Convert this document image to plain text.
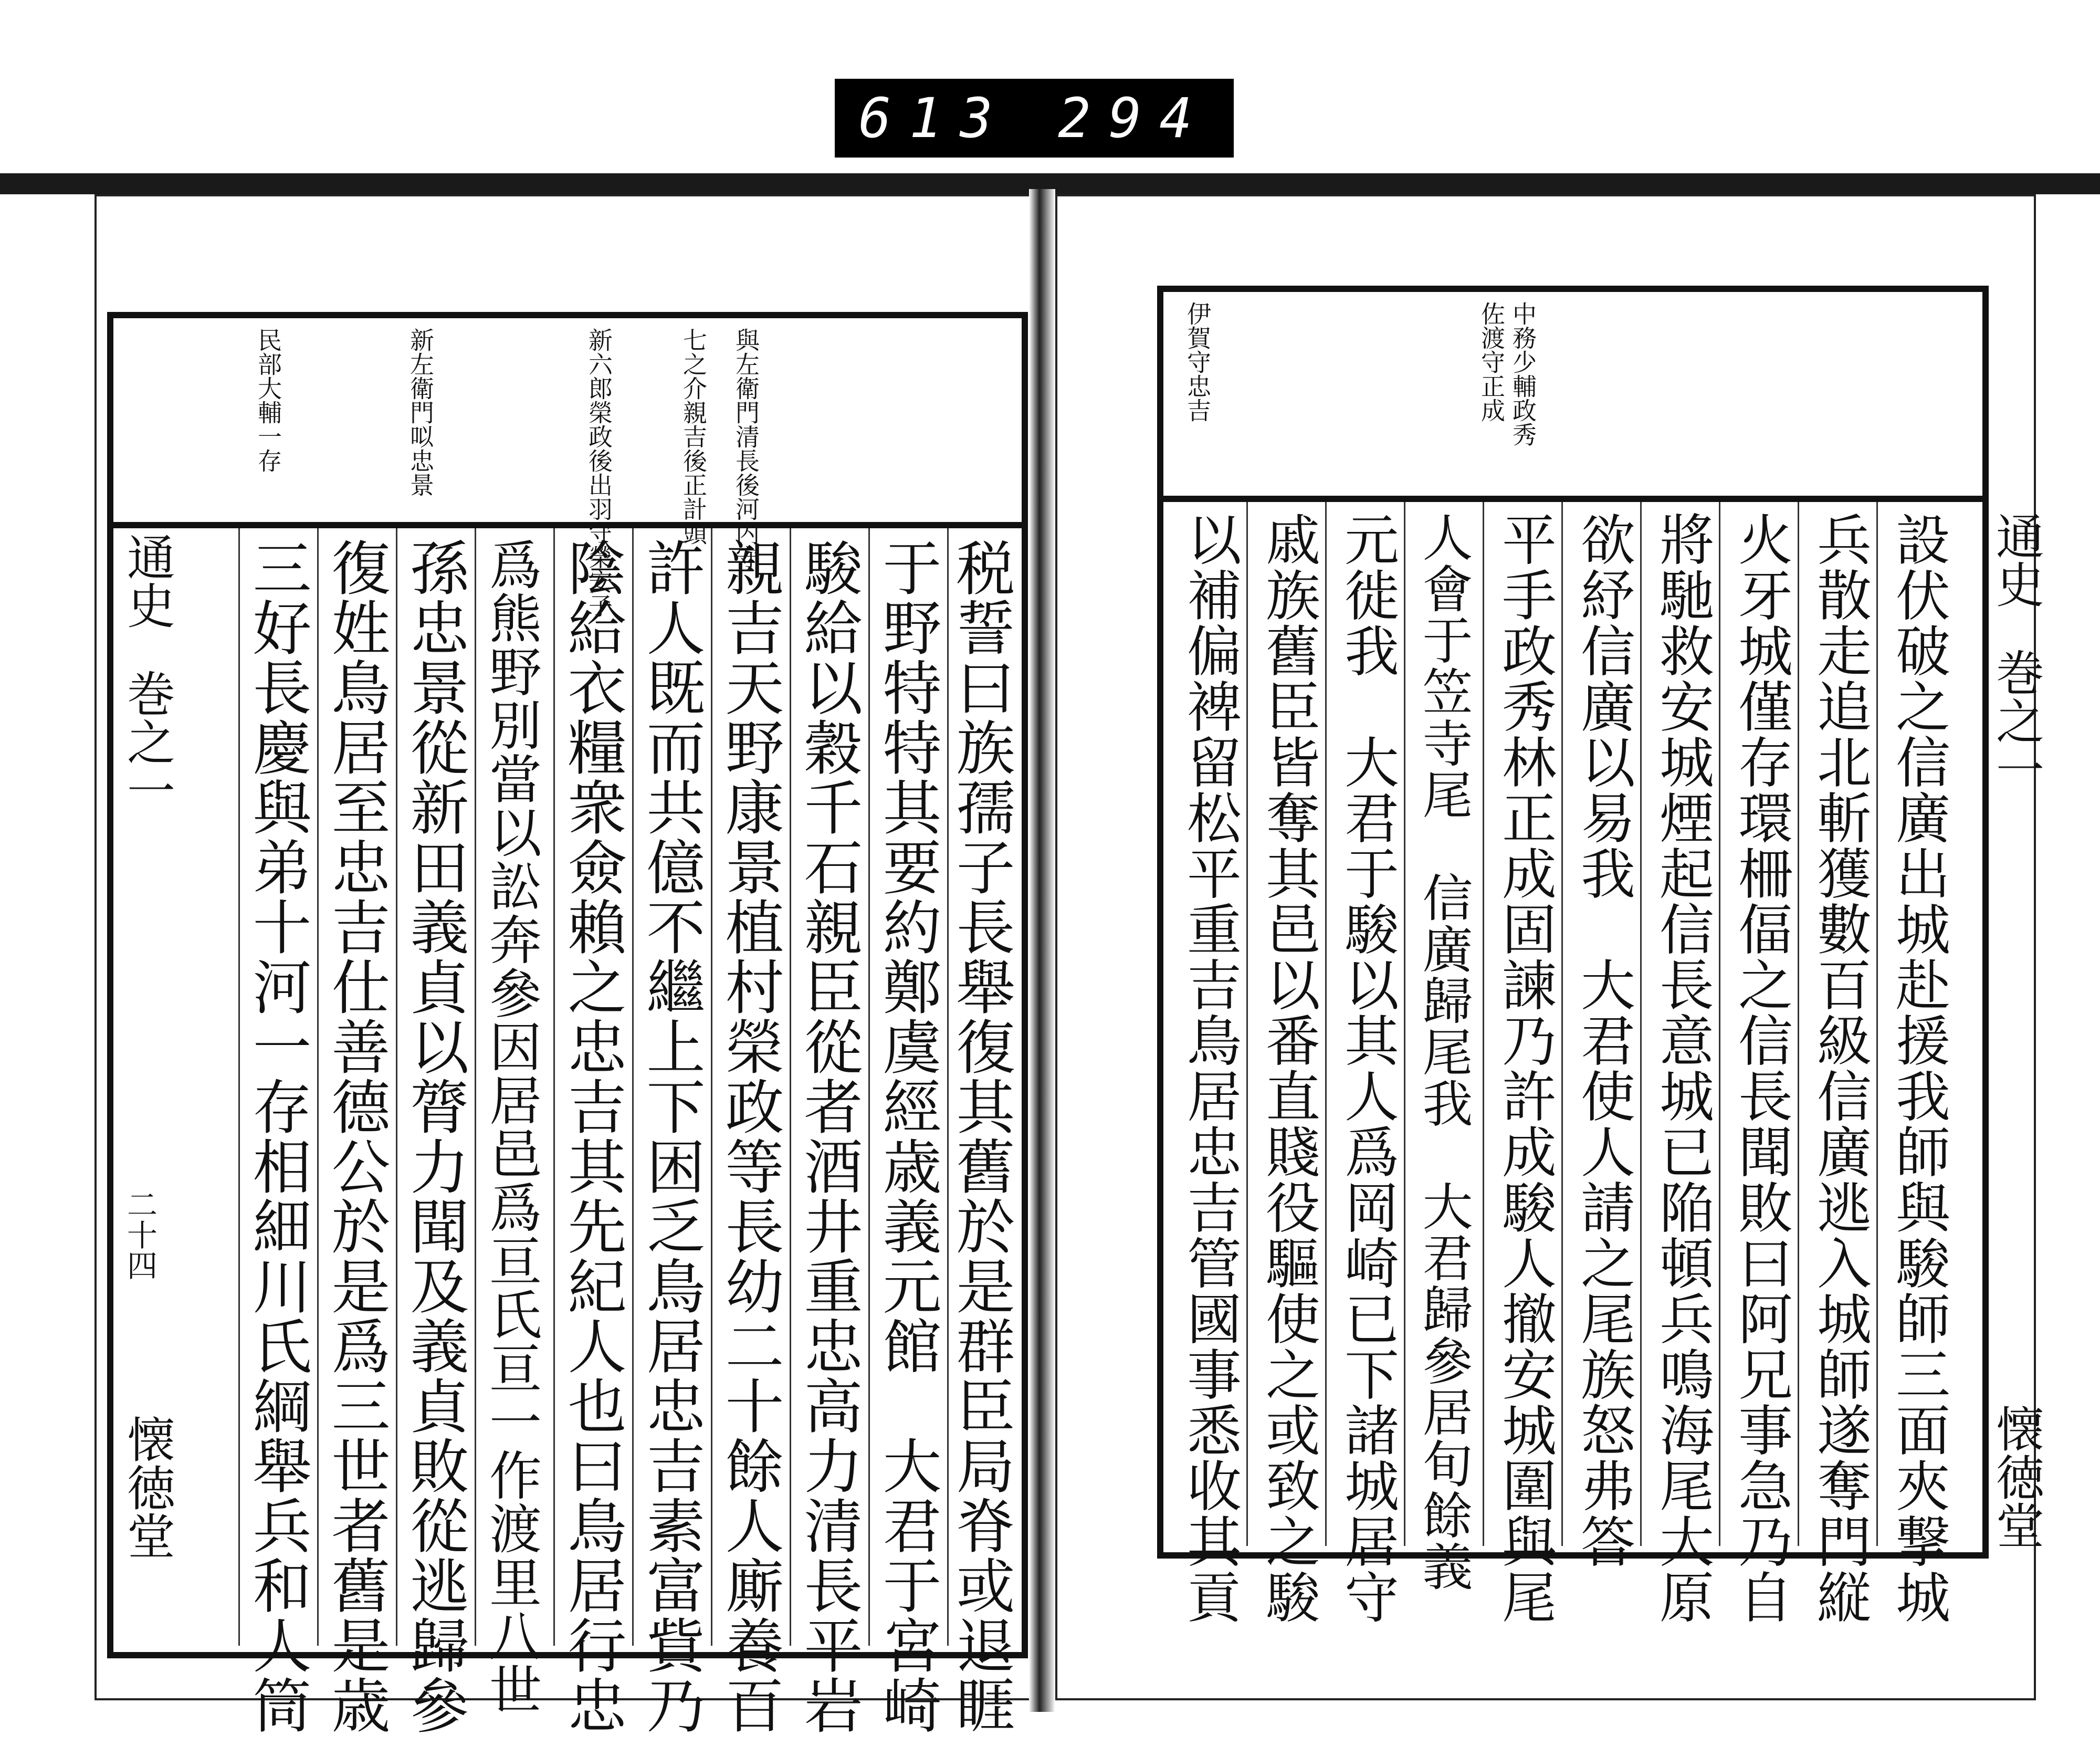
613 294
通史
巻之一
二十四
懐徳堂
與左衛門清長後河内守
七之介親吉後正計頭
新六郎榮政後出羽守榮安子
新左衛門㕽忠景
民部大輔一存
税誓曰族孺子長舉復其舊於是群臣局脊或退睚
于野特特其要約鄭虞經歳義元館　大君于宮崎
駿給以穀千石親臣從者酒井重忠高力清長平岩
親吉天野康景植村榮政等長幼二十餘人廝養百
許人既而共億不繼上下困乏鳥居忠吉素富貲乃
陰給衣糧衆僉賴之忠吉其先紀人也曰鳥居行忠
爲熊野別當以訟奔參因居邑爲亘氏亘一作渡里八世
孫忠景從新田義貞以膂力聞及義貞敗從逃歸參
復姓鳥居至忠吉仕善德公於是爲三世者舊是歳
三好長慶與弟十河一存相細川氏綱舉兵和人筒
中務少輔政秀
佐渡守正成
伊賀守忠吉
設伏破之信廣出城赴援我師與駿師三面夾撃城
兵散走追北斬獲數百級信廣逃入城師遂奪門縦
火牙城僅存環柵偪之信長聞敗曰阿兄事急乃自
將馳救安城煙起信長意城已陥頓兵鳴海尾大原
欲紓信廣以易我　大君使人請之尾族怒弗答
平手政秀林正成固諫乃許成駿人撤安城圍與尾
人會于笠寺尾　信廣歸尾我　大君歸參居旬餘義
元徙我　大君于駿以其人爲岡崎已下諸城居守
戚族舊臣皆奪其邑以番直賤役驅使之或致之駿
以補偏裨留松平重吉鳥居忠吉管國事悉收其貢	通史
巻之一
懐徳堂
